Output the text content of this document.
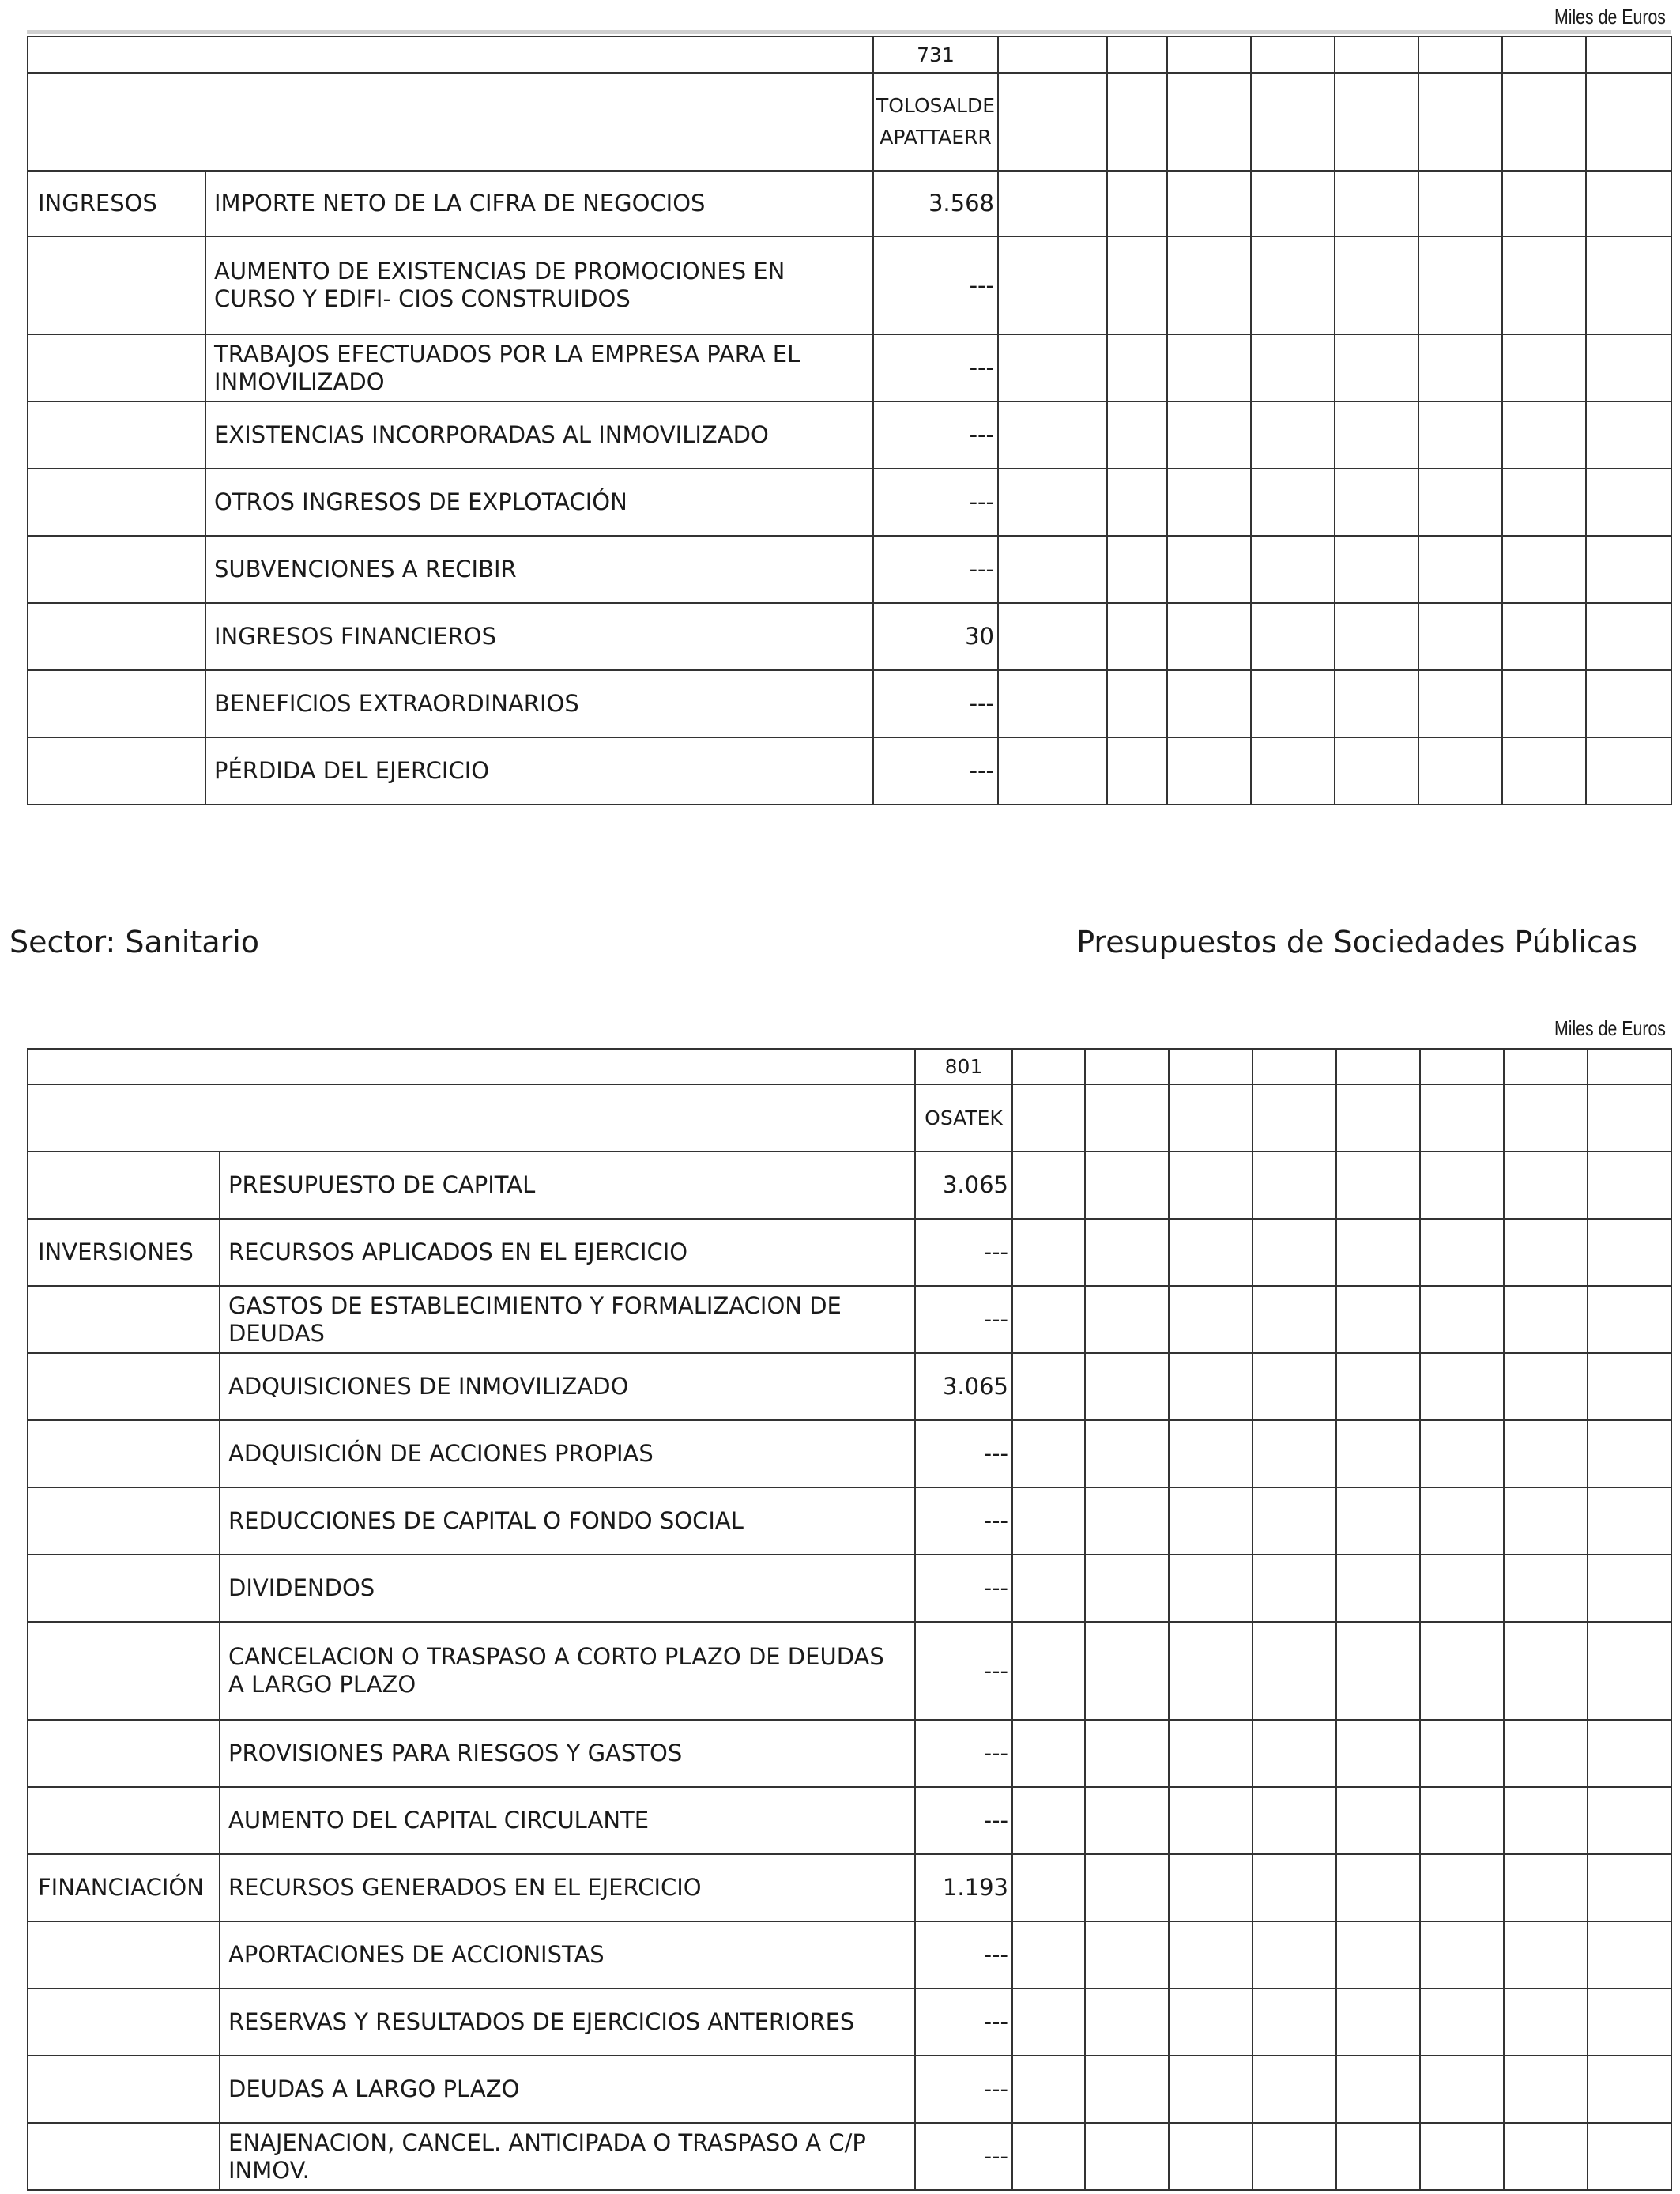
Miles de Euros
		731								

		TOLOSALDE
APATTAERR								

INGRESOS	IMPORTE NETO DE LA CIFRA DE NEGOCIOS	3.568								
	AUMENTO DE EXISTENCIAS DE PROMOCIONES EN CURSO Y EDIFI- CIOS CONSTRUIDOS	---								
	TRABAJOS EFECTUADOS POR LA EMPRESA PARA EL INMOVILIZADO	---								
	EXISTENCIAS INCORPORADAS AL INMOVILIZADO	---								
	OTROS INGRESOS DE EXPLOTACIÓN	---								
	SUBVENCIONES A RECIBIR	---								
	INGRESOS FINANCIEROS	30								
	BENEFICIOS EXTRAORDINARIOS	---								
	PÉRDIDA DEL EJERCICIO	---								
Sector: Sanitario	Presupuestos de Sociedades Públicas
Miles de Euros
		801								
		OSATEK								
	PRESUPUESTO DE CAPITAL	3.065								
INVERSIONES	RECURSOS APLICADOS EN EL EJERCICIO	---								
	GASTOS DE ESTABLECIMIENTO Y FORMALIZACION DE DEUDAS	---								
	ADQUISICIONES DE INMOVILIZADO	3.065								
	ADQUISICIÓN DE ACCIONES PROPIAS	---								
	REDUCCIONES DE CAPITAL O FONDO SOCIAL	---								
	DIVIDENDOS	---								
	CANCELACION O TRASPASO A CORTO PLAZO DE DEUDAS A LARGO PLAZO	---								
	PROVISIONES PARA RIESGOS Y GASTOS	---								
	AUMENTO DEL CAPITAL CIRCULANTE	---								
FINANCIACIÓN	RECURSOS GENERADOS EN EL EJERCICIO	1.193								
	APORTACIONES DE ACCIONISTAS	---								
	RESERVAS Y RESULTADOS DE EJERCICIOS ANTERIORES	---								
	DEUDAS A LARGO PLAZO	---								
	ENAJENACION, CANCEL. ANTICIPADA O TRASPASO A C/P INMOV.	---								
